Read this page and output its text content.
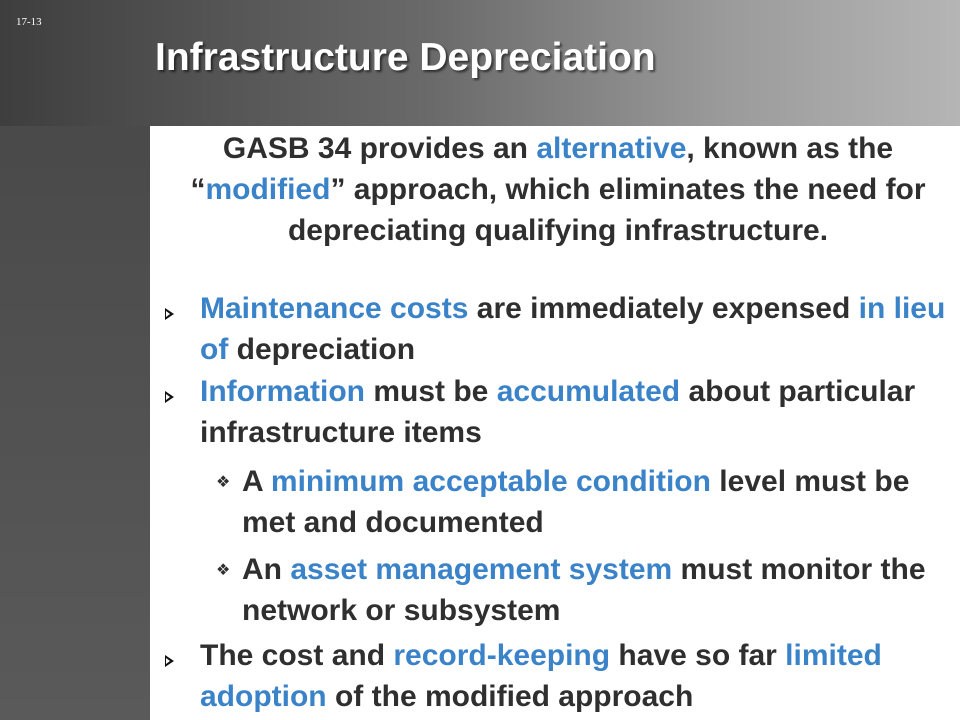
17-13
Infrastructure Depreciation

GASB 34 provides an alternative, known as the “modified” approach, which eliminates the need for depreciating qualifying infrastructure.

Maintenance costs are immediately expensed in lieu of depreciation

Information must be accumulated about particular infrastructure items

❖ A minimum acceptable condition level must be met and documented

❖ An asset management system must monitor the network or subsystem

The cost and record-keeping have so far limited adoption of the modified approach
